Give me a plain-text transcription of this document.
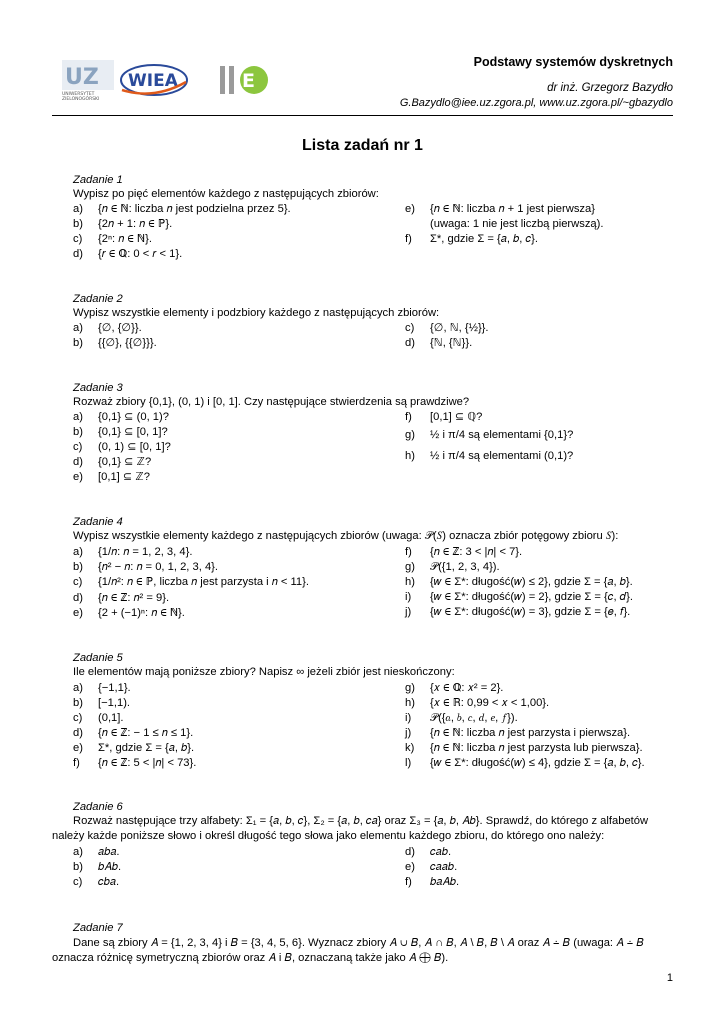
UZ
UNIWERSYTET
ZIELONOGÓRSKI
WIEA	E
Podstawy systemów dyskretnych
dr inż. Grzegorz Bazydło
G.Bazydlo@iee.uz.zgora.pl, www.uz.zgora.pl/~gbazydlo
Lista zadań nr 1
Zadanie 1
Wypisz po pięć elementów każdego z następujących zbiorów:
a) {𝑛 ∈ ℕ: liczba 𝑛 jest podzielna przez 5}.
b) {2𝑛 + 1: 𝑛 ∈ ℙ}.
c) {2ⁿ: 𝑛 ∈ ℕ}.
d) {𝑟 ∈ ℚ: 0 < 𝑟 < 1}.
e) {𝑛 ∈ ℕ: liczba 𝑛 + 1 jest pierwsza}
(uwaga: 1 nie jest liczbą pierwszą).
f) Σ*, gdzie Σ = {𝑎, 𝑏, 𝑐}.
Zadanie 2
Wypisz wszystkie elementy i podzbiory każdego z następujących zbiorów:
a) {∅, {∅}}.
b) {{∅}, {{∅}}}.
c) {∅, ℕ, {½}}.
d) {ℕ, {ℕ}}.
Zadanie 3
Rozważ zbiory {0,1}, (0, 1) i [0, 1]. Czy następujące stwierdzenia są prawdziwe?
a) {0,1} ⊆ (0, 1)?
b) {0,1} ⊆ [0, 1]?
c) (0, 1) ⊆ [0, 1]?
d) {0,1} ⊆ ℤ?
e) [0,1] ⊆ ℤ?
f) [0,1] ⊆ ℚ?
g) ½ i π/4 są elementami {0,1}?
h) ½ i π/4 są elementami (0,1)?
Zadanie 4
Wypisz wszystkie elementy każdego z następujących zbiorów (uwaga: 𝒫(𝑆) oznacza zbiór potęgowy zbioru 𝑆):
a) {1/𝑛: 𝑛 = 1, 2, 3, 4}.
b) {𝑛² − 𝑛: 𝑛 = 0, 1, 2, 3, 4}.
c) {1/𝑛²: 𝑛 ∈ ℙ, liczba 𝑛 jest parzysta i 𝑛 < 11}.
d) {𝑛 ∈ ℤ: 𝑛² = 9}.
e) {2 + (−1)ⁿ: 𝑛 ∈ ℕ}.
f) {𝑛 ∈ ℤ: 3 < |𝑛| < 7}.
g) 𝒫({1, 2, 3, 4}).
h) {𝑤 ∈ Σ*: długość(𝑤) ≤ 2}, gdzie Σ = {𝑎, 𝑏}.
i) {𝑤 ∈ Σ*: długość(𝑤) = 2}, gdzie Σ = {𝑐, 𝑑}.
j) {𝑤 ∈ Σ*: długość(𝑤) = 3}, gdzie Σ = {𝑒, 𝑓}.
Zadanie 5
Ile elementów mają poniższe zbiory? Napisz ∞ jeżeli zbiór jest nieskończony:
a) {−1,1}.
b) [−1,1).
c) (0,1].
d) {𝑛 ∈ ℤ: − 1 ≤ 𝑛 ≤ 1}.
e) Σ*, gdzie Σ = {𝑎, 𝑏}.
f) {𝑛 ∈ ℤ: 5 < |𝑛| < 73}.
g) {𝑥 ∈ ℚ: 𝑥² = 2}.
h) {𝑥 ∈ ℝ: 0,99 < 𝑥 < 1,00}.
i) 𝒫({𝑎, 𝑏, 𝑐, 𝑑, 𝑒, 𝑓}).
j) {𝑛 ∈ ℕ: liczba 𝑛 jest parzysta i pierwsza}.
k) {𝑛 ∈ ℕ: liczba 𝑛 jest parzysta lub pierwsza}.
l) {𝑤 ∈ Σ*: długość(𝑤) ≤ 4}, gdzie Σ = {𝑎, 𝑏, 𝑐}.
Zadanie 6
Rozważ następujące trzy alfabety: Σ₁ = {𝑎, 𝑏, 𝑐}, Σ₂ = {𝑎, 𝑏, 𝑐𝑎} oraz Σ₃ = {𝑎, 𝑏, 𝐴𝑏}. Sprawdź, do którego z alfabetów
należy każde poniższe słowo i określ długość tego słowa jako elementu każdego zbioru, do którego ono należy:
a) 𝑎𝑏𝑎.
b) 𝑏𝐴𝑏.
c) 𝑐𝑏𝑎.
d) 𝑐𝑎𝑏.
e) 𝑐𝑎𝑎𝑏.
f) 𝑏𝑎𝐴𝑏.
Zadanie 7
Dane są zbiory 𝐴 = {1, 2, 3, 4} i 𝐵 = {3, 4, 5, 6}. Wyznacz zbiory 𝐴 ∪ 𝐵, 𝐴 ∩ 𝐵, 𝐴 \ 𝐵, 𝐵 \ 𝐴 oraz 𝐴 ∸ 𝐵 (uwaga: 𝐴 ∸ 𝐵
oznacza różnicę symetryczną zbiorów oraz 𝐴 i 𝐵, oznaczaną także jako 𝐴 ⨁ 𝐵).
1
